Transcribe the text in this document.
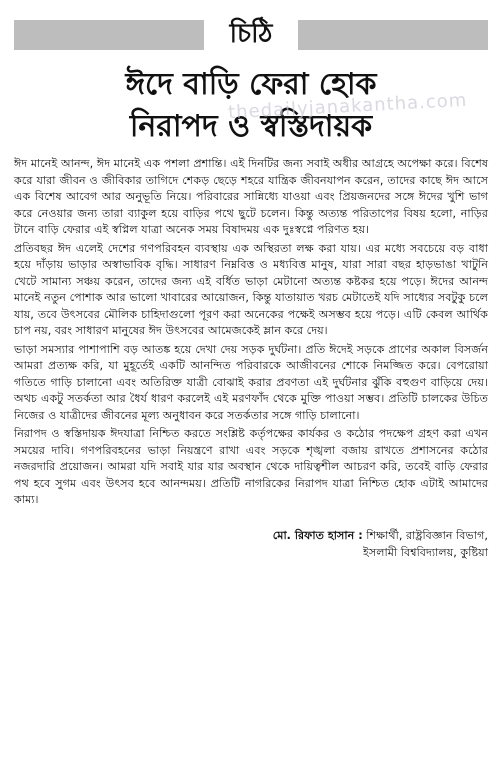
চিঠি
ঈদে বাড়ি ফেরা হোক
নিরাপদ ও স্বস্তিদায়ক
thedailyjanakantha.com

ঈদ মানেই আনন্দ, ঈদ মানেই এক পশলা প্রশান্তি। এই দিনটির জন্য সবাই অধীর আগ্রহে অপেক্ষা করে। বিশেষ করে যারা জীবন ও জীবিকার তাগিদে শেকড় ছেড়ে শহরে যান্ত্রিক জীবনযাপন করেন, তাদের কাছে ঈদ আসে এক বিশেষ আবেগ আর অনুভূতি নিয়ে। পরিবারের সান্নিধ্যে যাওয়া এবং প্রিয়জনদের সঙ্গে ঈদের খুশি ভাগ করে নেওয়ার জন্য তারা ব্যাকুল হয়ে বাড়ির পথে ছুটে চলেন। কিন্তু অত্যন্ত পরিতাপের বিষয় হলো, নাড়ির টানে বাড়ি ফেরার এই স্বপ্নিল যাত্রা অনেক সময় বিষাদময় এক দুঃস্বপ্নে পরিণত হয়।

প্রতিবছর ঈদ এলেই দেশের গণপরিবহন ব্যবস্থায় এক অস্থিরতা লক্ষ করা যায়। এর মধ্যে সবচেয়ে বড় বাধা হয়ে দাঁড়ায় ভাড়ার অস্বাভাবিক বৃদ্ধি। সাধারণ নিম্নবিত্ত ও মধ্যবিত্ত মানুষ, যারা সারা বছর হাড়ভাঙা খাটুনি খেটে সামান্য সঞ্চয় করেন, তাদের জন্য এই বর্ধিত ভাড়া মেটানো অত্যন্ত কষ্টকর হয়ে পড়ে। ঈদের আনন্দ মানেই নতুন পোশাক আর ভালো খাবারের আয়োজন, কিন্তু যাতায়াত খরচ মেটাতেই যদি সাধ্যের সবটুকু চলে যায়, তবে উৎসবের মৌলিক চাহিদাগুলো পূরণ করা অনেকের পক্ষেই অসম্ভব হয়ে পড়ে। এটি কেবল আর্থিক চাপ নয়, বরং সাধারণ মানুষের ঈদ উৎসবের আমেজকেই ম্লান করে দেয়।

ভাড়া সমস্যার পাশাপাশি বড় আতঙ্ক হয়ে দেখা দেয় সড়ক দুর্ঘটনা। প্রতি ঈদেই সড়কে প্রাণের অকাল বিসর্জন আমরা প্রত্যক্ষ করি, যা মুহূর্তেই একটি আনন্দিত পরিবারকে আজীবনের শোকে নিমজ্জিত করে। বেপরোয়া গতিতে গাড়ি চালানো এবং অতিরিক্ত যাত্রী বোঝাই করার প্রবণতা এই দুর্ঘটনার ঝুঁকি বহুগুণ বাড়িয়ে দেয়। অথচ একটু সতর্কতা আর ধৈর্য ধারণ করলেই এই মরণফাঁদ থেকে মুক্তি পাওয়া সম্ভব। প্রতিটি চালকের উচিত নিজের ও যাত্রীদের জীবনের মূল্য অনুধাবন করে সতর্কতার সঙ্গে গাড়ি চালানো।

নিরাপদ ও স্বস্তিদায়ক ঈদযাত্রা নিশ্চিত করতে সংশ্লিষ্ট কর্তৃপক্ষের কার্যকর ও কঠোর পদক্ষেপ গ্রহণ করা এখন সময়ের দাবি। গণপরিবহনের ভাড়া নিয়ন্ত্রণে রাখা এবং সড়কে শৃঙ্খলা বজায় রাখতে প্রশাসনের কঠোর নজরদারি প্রয়োজন। আমরা যদি সবাই যার যার অবস্থান থেকে দায়িত্বশীল আচরণ করি, তবেই বাড়ি ফেরার পথ হবে সুগম এবং উৎসব হবে আনন্দময়। প্রতিটি নাগরিকের নিরাপদ যাত্রা নিশ্চিত হোক এটাই আমাদের কাম্য।

মো. রিফাত হাসান : শিক্ষার্থী, রাষ্ট্রবিজ্ঞান বিভাগ,
ইসলামী বিশ্ববিদ্যালয়, কুষ্টিয়া
